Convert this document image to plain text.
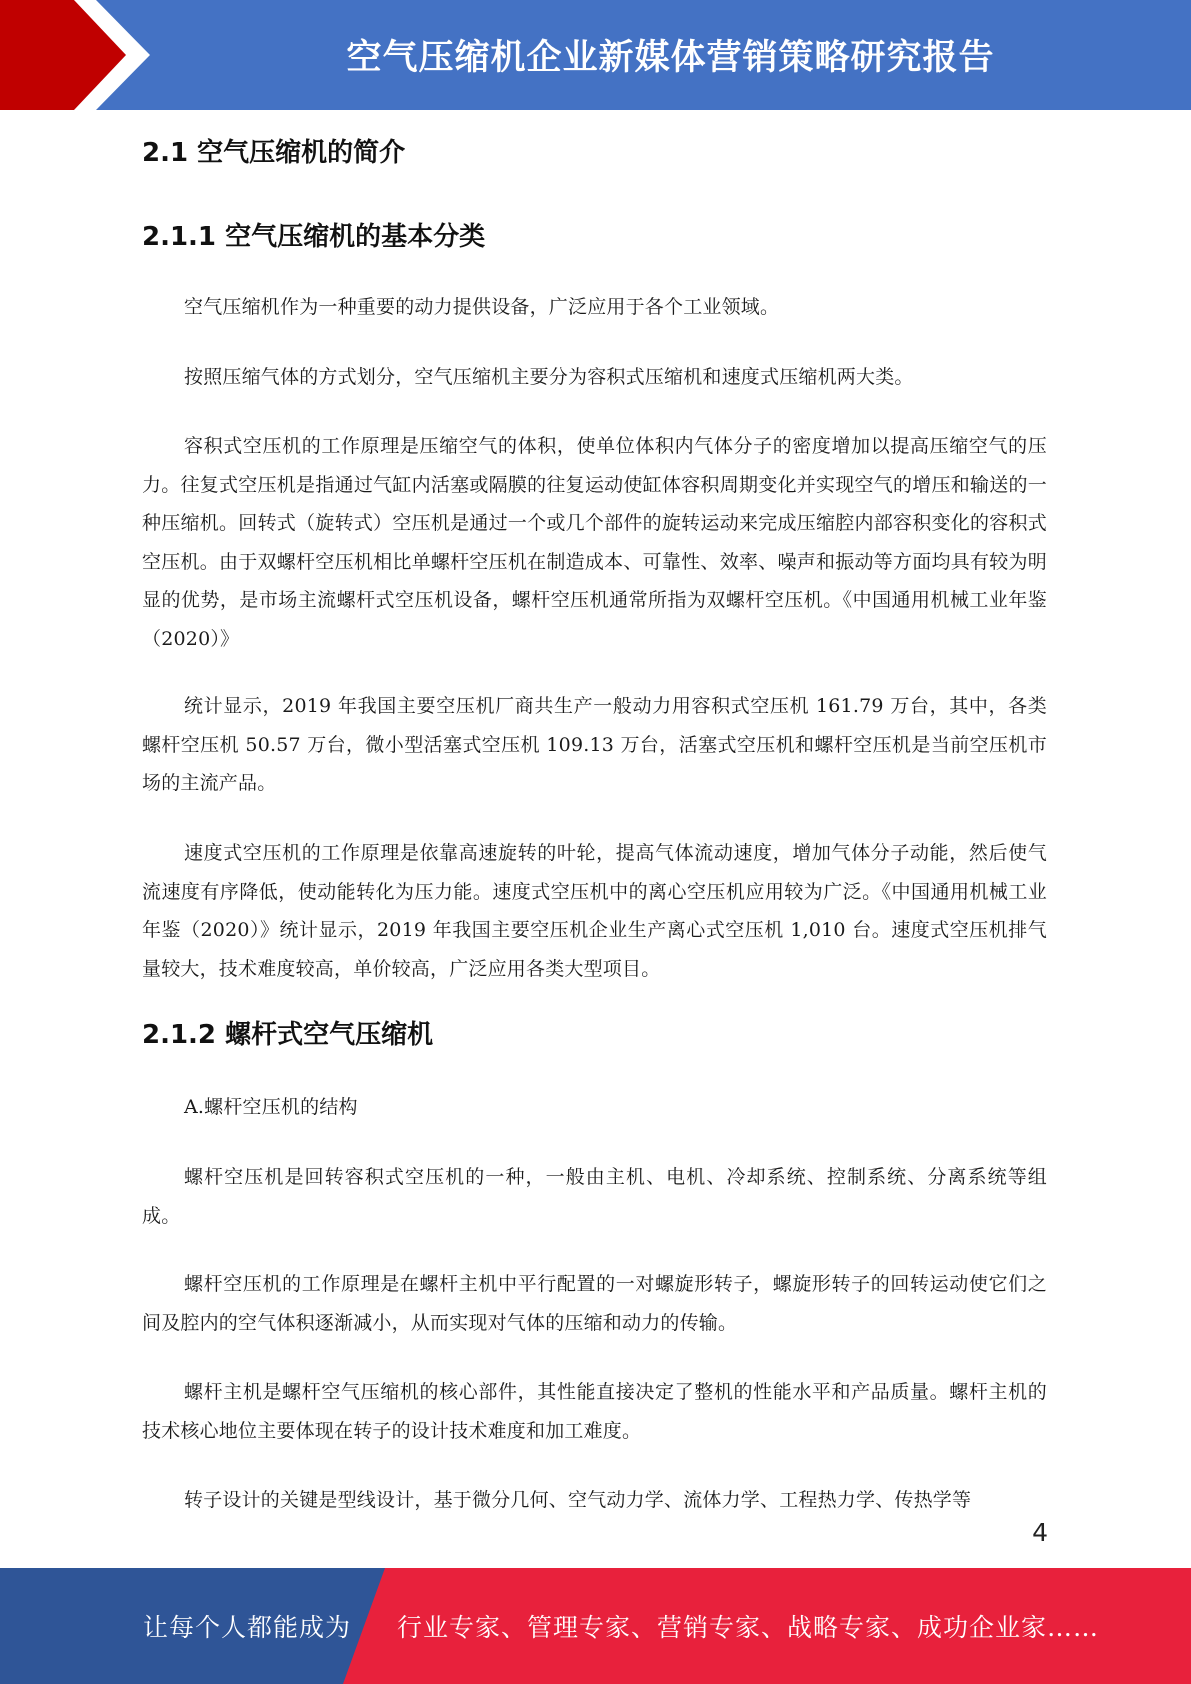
空气压缩机企业新媒体营销策略研究报告
2.1 空气压缩机的简介
2.1.1 空气压缩机的基本分类

空气压缩机作为一种重要的动力提供设备，广泛应用于各个工业领域。

按照压缩气体的方式划分，空气压缩机主要分为容积式压缩机和速度式压缩机两大类。

容积式空压机的工作原理是压缩空气的体积，使单位体积内气体分子的密度增加以提高压缩空气的压力。往复式空压机是指通过气缸内活塞或隔膜的往复运动使缸体容积周期变化并实现空气的增压和输送的一种压缩机。回转式（旋转式）空压机是通过一个或几个部件的旋转运动来完成压缩腔内部容积变化的容积式空压机。由于双螺杆空压机相比单螺杆空压机在制造成本、可靠性、效率、噪声和振动等方面均具有较为明显的优势，是市场主流螺杆式空压机设备，螺杆空压机通常所指为双螺杆空压机。《中国通用机械工业年鉴（2020）》

统计显示，2019 年我国主要空压机厂商共生产一般动力用容积式空压机 161.79 万台，其中，各类螺杆空压机 50.57 万台，微小型活塞式空压机 109.13 万台，活塞式空压机和螺杆空压机是当前空压机市场的主流产品。

速度式空压机的工作原理是依靠高速旋转的叶轮，提高气体流动速度，增加气体分子动能，然后使气流速度有序降低，使动能转化为压力能。速度式空压机中的离心空压机应用较为广泛。《中国通用机械工业年鉴（2020）》统计显示，2019 年我国主要空压机企业生产离心式空压机 1,010 台。速度式空压机排气量较大，技术难度较高，单价较高，广泛应用各类大型项目。

2.1.2 螺杆式空气压缩机

A.螺杆空压机的结构

螺杆空压机是回转容积式空压机的一种，一般由主机、电机、冷却系统、控制系统、分离系统等组成。

螺杆空压机的工作原理是在螺杆主机中平行配置的一对螺旋形转子，螺旋形转子的回转运动使它们之间及腔内的空气体积逐渐减小，从而实现对气体的压缩和动力的传输。

螺杆主机是螺杆空气压缩机的核心部件，其性能直接决定了整机的性能水平和产品质量。螺杆主机的技术核心地位主要体现在转子的设计技术难度和加工难度。

转子设计的关键是型线设计，基于微分几何、空气动力学、流体力学、工程热力学、传热学等

4
让每个人都能成为 行业专家、管理专家、营销专家、战略专家、成功企业家……
